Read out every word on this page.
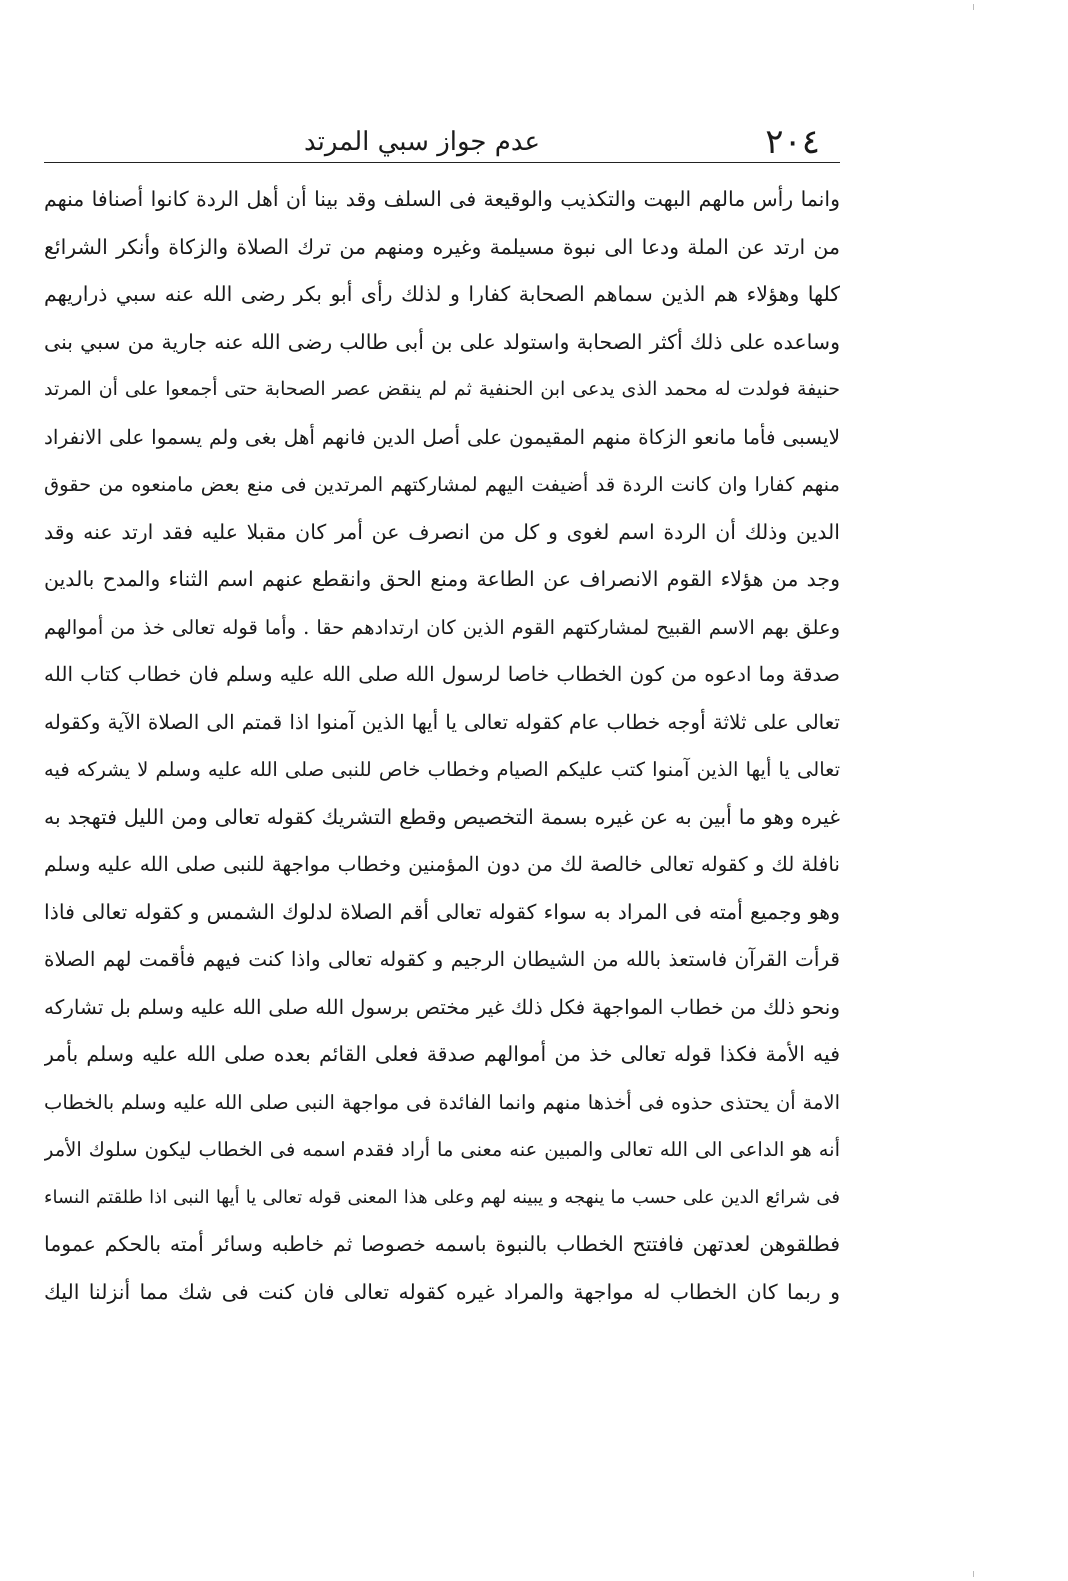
٢٠٤
عدم جواز سبي المرتد
وانما رأس مالهم البهت والتكذيب والوقيعة فى السلف وقد بينا أن أهل الردة كانوا أصنافا منهم
من ارتد عن الملة ودعا الى نبوة مسيلمة وغيره ومنهم من ترك الصلاة والزكاة وأنكر الشرائع
كلها وهؤلاء هم الذين سماهم الصحابة كفارا و لذلك رأى أبو بكر رضى الله عنه سبي ذراريهم
وساعده على ذلك أكثر الصحابة واستولد على بن أبى طالب رضى الله عنه جارية من سبي بنى
حنيفة فولدت له محمد الذى يدعى ابن الحنفية ثم لم ينقض عصر الصحابة حتى أجمعوا على أن المرتد
لايسبى فأما مانعو الزكاة منهم المقيمون على أصل الدين فانهم أهل بغى ولم يسموا على الانفراد
منهم كفارا وان كانت الردة قد أضيفت اليهم لمشاركتهم المرتدين فى منع بعض مامنعوه من حقوق
الدين وذلك أن الردة اسم لغوى و كل من انصرف عن أمر كان مقبلا عليه فقد ارتد عنه وقد
وجد من هؤلاء القوم الانصراف عن الطاعة ومنع الحق وانقطع عنهم اسم الثناء والمدح بالدين
وعلق بهم الاسم القبيح لمشاركتهم القوم الذين كان ارتدادهم حقا . وأما قوله تعالى خذ من أموالهم
صدقة وما ادعوه من كون الخطاب خاصا لرسول الله صلى الله عليه وسلم فان خطاب كتاب الله
تعالى على ثلاثة أوجه خطاب عام كقوله تعالى يا أيها الذين آمنوا اذا قمتم الى الصلاة الآية وكقوله
تعالى يا أيها الذين آمنوا كتب عليكم الصيام وخطاب خاص للنبى صلى الله عليه وسلم لا يشركه فيه
غيره وهو ما أبين به عن غيره بسمة التخصيص وقطع التشريك كقوله تعالى ومن الليل فتهجد به
نافلة لك و كقوله تعالى خالصة لك من دون المؤمنين وخطاب مواجهة للنبى صلى الله عليه وسلم
وهو وجميع أمته فى المراد به سواء كقوله تعالى أقم الصلاة لدلوك الشمس و كقوله تعالى فاذا
قرأت القرآن فاستعذ بالله من الشيطان الرجيم و كقوله تعالى واذا كنت فيهم فأقمت لهم الصلاة
ونحو ذلك من خطاب المواجهة فكل ذلك غير مختص برسول الله صلى الله عليه وسلم بل تشاركه
فيه الأمة فكذا قوله تعالى خذ من أموالهم صدقة فعلى القائم بعده صلى الله عليه وسلم بأمر
الامة أن يحتذى حذوه فى أخذها منهم وانما الفائدة فى مواجهة النبى صلى الله عليه وسلم بالخطاب
أنه هو الداعى الى الله تعالى والمبين عنه معنى ما أراد فقدم اسمه فى الخطاب ليكون سلوك الأمر
فى شرائع الدين على حسب ما ينهجه و يبينه لهم وعلى هذا المعنى قوله تعالى يا أيها النبى اذا طلقتم النساء
فطلقوهن لعدتهن فافتتح الخطاب بالنبوة باسمه خصوصا ثم خاطبه وسائر أمته بالحكم عموما
و ربما كان الخطاب له مواجهة والمراد غيره كقوله تعالى فان كنت فى شك مما أنزلنا اليك
